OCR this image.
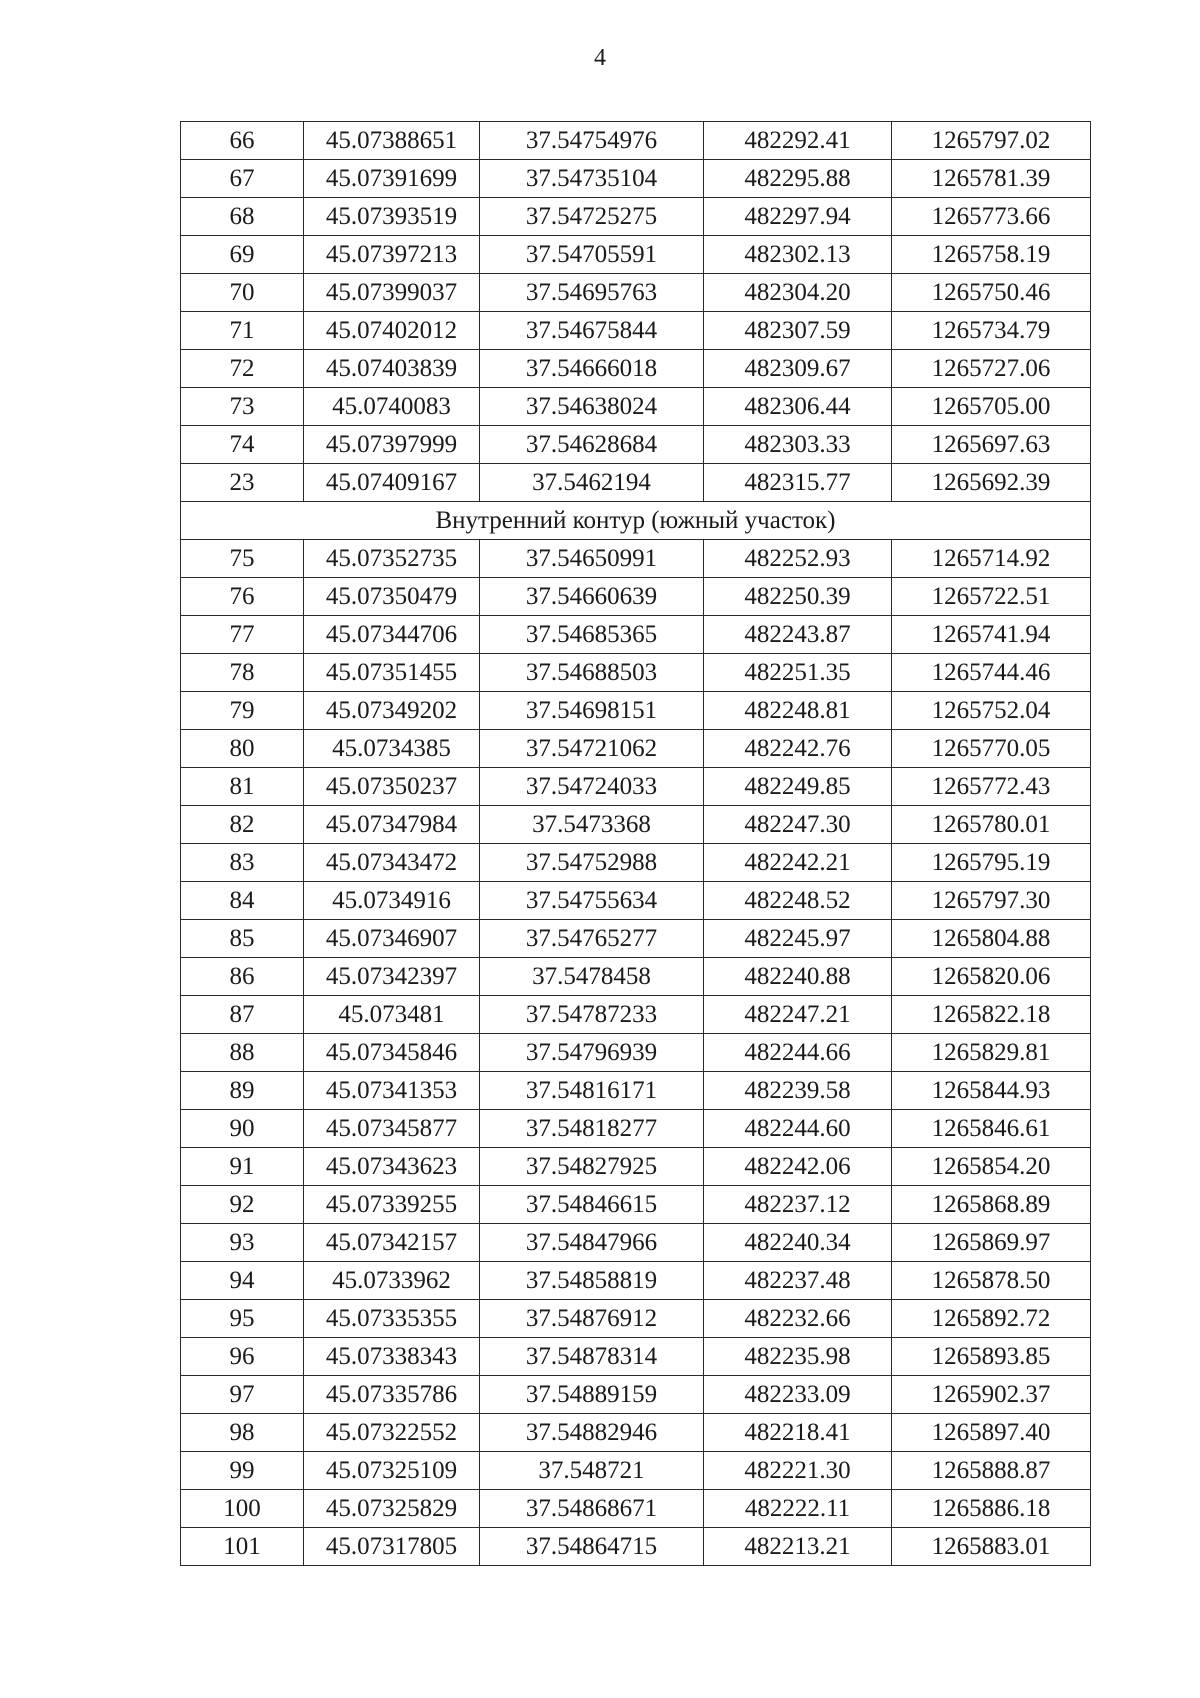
4
66	45.07388651	37.54754976	482292.41	1265797.02
67	45.07391699	37.54735104	482295.88	1265781.39
68	45.07393519	37.54725275	482297.94	1265773.66
69	45.07397213	37.54705591	482302.13	1265758.19
70	45.07399037	37.54695763	482304.20	1265750.46
71	45.07402012	37.54675844	482307.59	1265734.79
72	45.07403839	37.54666018	482309.67	1265727.06
73	45.0740083	37.54638024	482306.44	1265705.00
74	45.07397999	37.54628684	482303.33	1265697.63
23	45.07409167	37.5462194	482315.77	1265692.39
Внутренний контур (южный участок)				
75	45.07352735	37.54650991	482252.93	1265714.92
76	45.07350479	37.54660639	482250.39	1265722.51
77	45.07344706	37.54685365	482243.87	1265741.94
78	45.07351455	37.54688503	482251.35	1265744.46
79	45.07349202	37.54698151	482248.81	1265752.04
80	45.0734385	37.54721062	482242.76	1265770.05
81	45.07350237	37.54724033	482249.85	1265772.43
82	45.07347984	37.5473368	482247.30	1265780.01
83	45.07343472	37.54752988	482242.21	1265795.19
84	45.0734916	37.54755634	482248.52	1265797.30
85	45.07346907	37.54765277	482245.97	1265804.88
86	45.07342397	37.5478458	482240.88	1265820.06
87	45.073481	37.54787233	482247.21	1265822.18
88	45.07345846	37.54796939	482244.66	1265829.81
89	45.07341353	37.54816171	482239.58	1265844.93
90	45.07345877	37.54818277	482244.60	1265846.61
91	45.07343623	37.54827925	482242.06	1265854.20
92	45.07339255	37.54846615	482237.12	1265868.89
93	45.07342157	37.54847966	482240.34	1265869.97
94	45.0733962	37.54858819	482237.48	1265878.50
95	45.07335355	37.54876912	482232.66	1265892.72
96	45.07338343	37.54878314	482235.98	1265893.85
97	45.07335786	37.54889159	482233.09	1265902.37
98	45.07322552	37.54882946	482218.41	1265897.40
99	45.07325109	37.548721	482221.30	1265888.87
100	45.07325829	37.54868671	482222.11	1265886.18
101	45.07317805	37.54864715	482213.21	1265883.01
